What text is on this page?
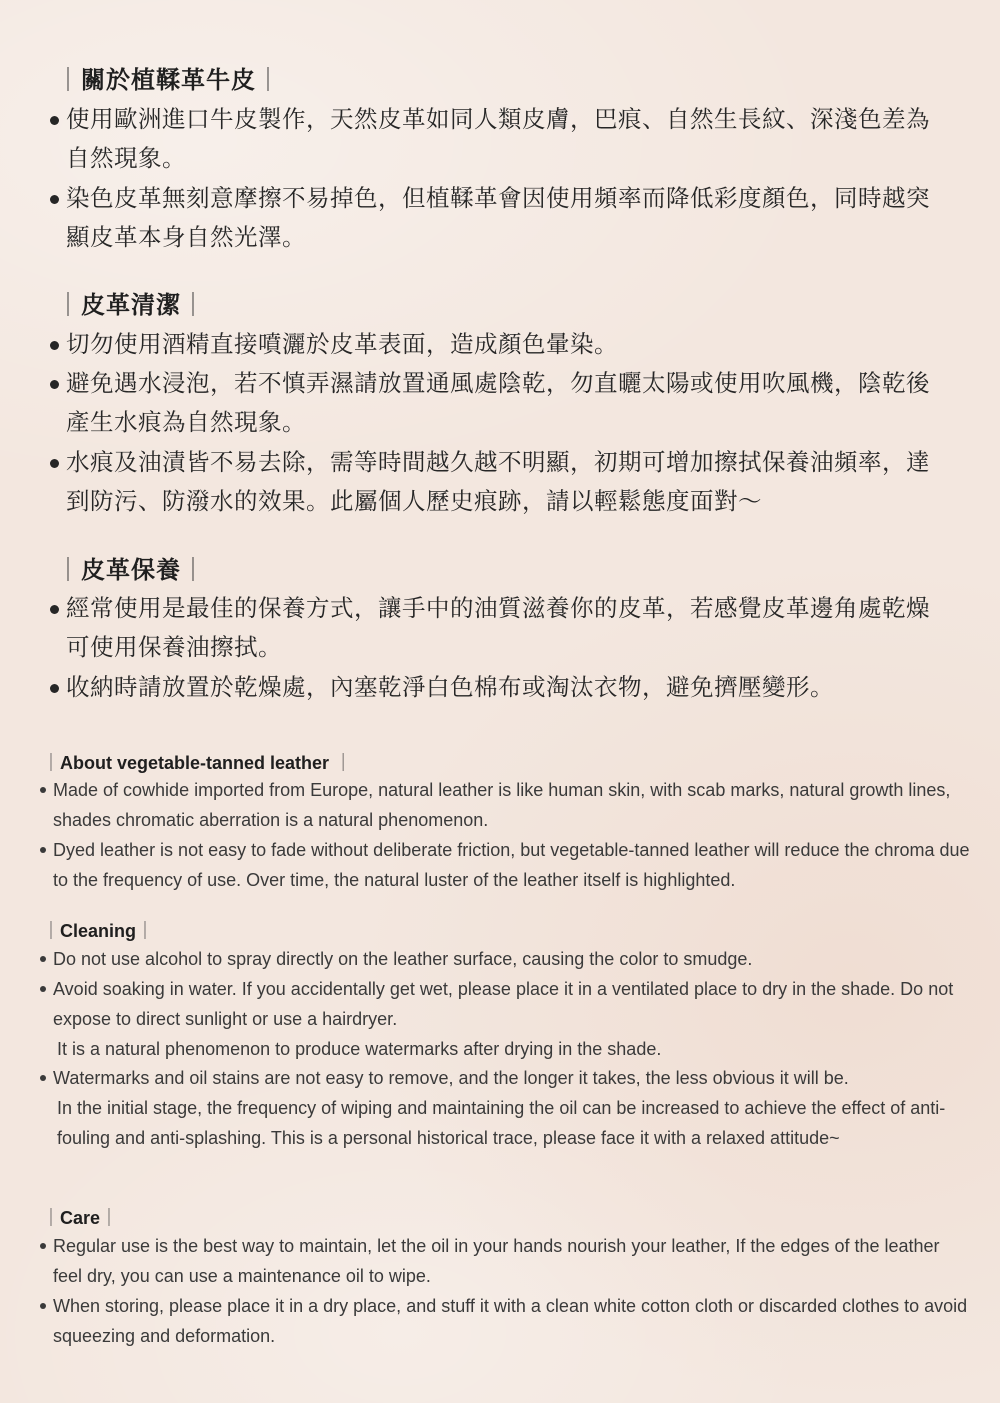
｜關於植鞣革牛皮｜
使用歐洲進口牛皮製作，天然皮革如同人類皮膚，巴痕、自然生長紋、深淺色差為自然現象。
染色皮革無刻意摩擦不易掉色，但植鞣革會因使用頻率而降低彩度顏色，同時越突顯皮革本身自然光澤。
｜皮革清潔｜
切勿使用酒精直接噴灑於皮革表面，造成顏色暈染。
避免遇水浸泡，若不慎弄濕請放置通風處陰乾，勿直曬太陽或使用吹風機，陰乾後產生水痕為自然現象。
水痕及油漬皆不易去除，需等時間越久越不明顯，初期可增加擦拭保養油頻率，達到防污、防潑水的效果。此屬個人歷史痕跡，請以輕鬆態度面對～
｜皮革保養｜
經常使用是最佳的保養方式，讓手中的油質滋養你的皮革，若感覺皮革邊角處乾燥可使用保養油擦拭。
收納時請放置於乾燥處，內塞乾淨白色棉布或淘汰衣物，避免擠壓變形。
｜About vegetable-tanned leather ｜
Made of cowhide imported from Europe, natural leather is like human skin, with scab marks, natural growth lines, shades chromatic aberration is a natural phenomenon.
Dyed leather is not easy to fade without deliberate friction, but vegetable-tanned leather will reduce the chroma due to the frequency of use. Over time, the natural luster of the leather itself is highlighted.
｜Cleaning｜
Do not use alcohol to spray directly on the leather surface, causing the color to smudge.
Avoid soaking in water. If you accidentally get wet, please place it in a ventilated place to dry in the shade. Do not expose to direct sunlight or use a hairdryer.
It is a natural phenomenon to produce watermarks after drying in the shade.
Watermarks and oil stains are not easy to remove, and the longer it takes, the less obvious it will be.
In the initial stage, the frequency of wiping and maintaining the oil can be increased to achieve the effect of anti-fouling and anti-splashing. This is a personal historical trace, please face it with a relaxed attitude~
｜Care｜
Regular use is the best way to maintain, let the oil in your hands nourish your leather, If the edges of the leather feel dry, you can use a maintenance oil to wipe.
When storing, please place it in a dry place, and stuff it with a clean white cotton cloth or discarded clothes to avoid squeezing and deformation.
